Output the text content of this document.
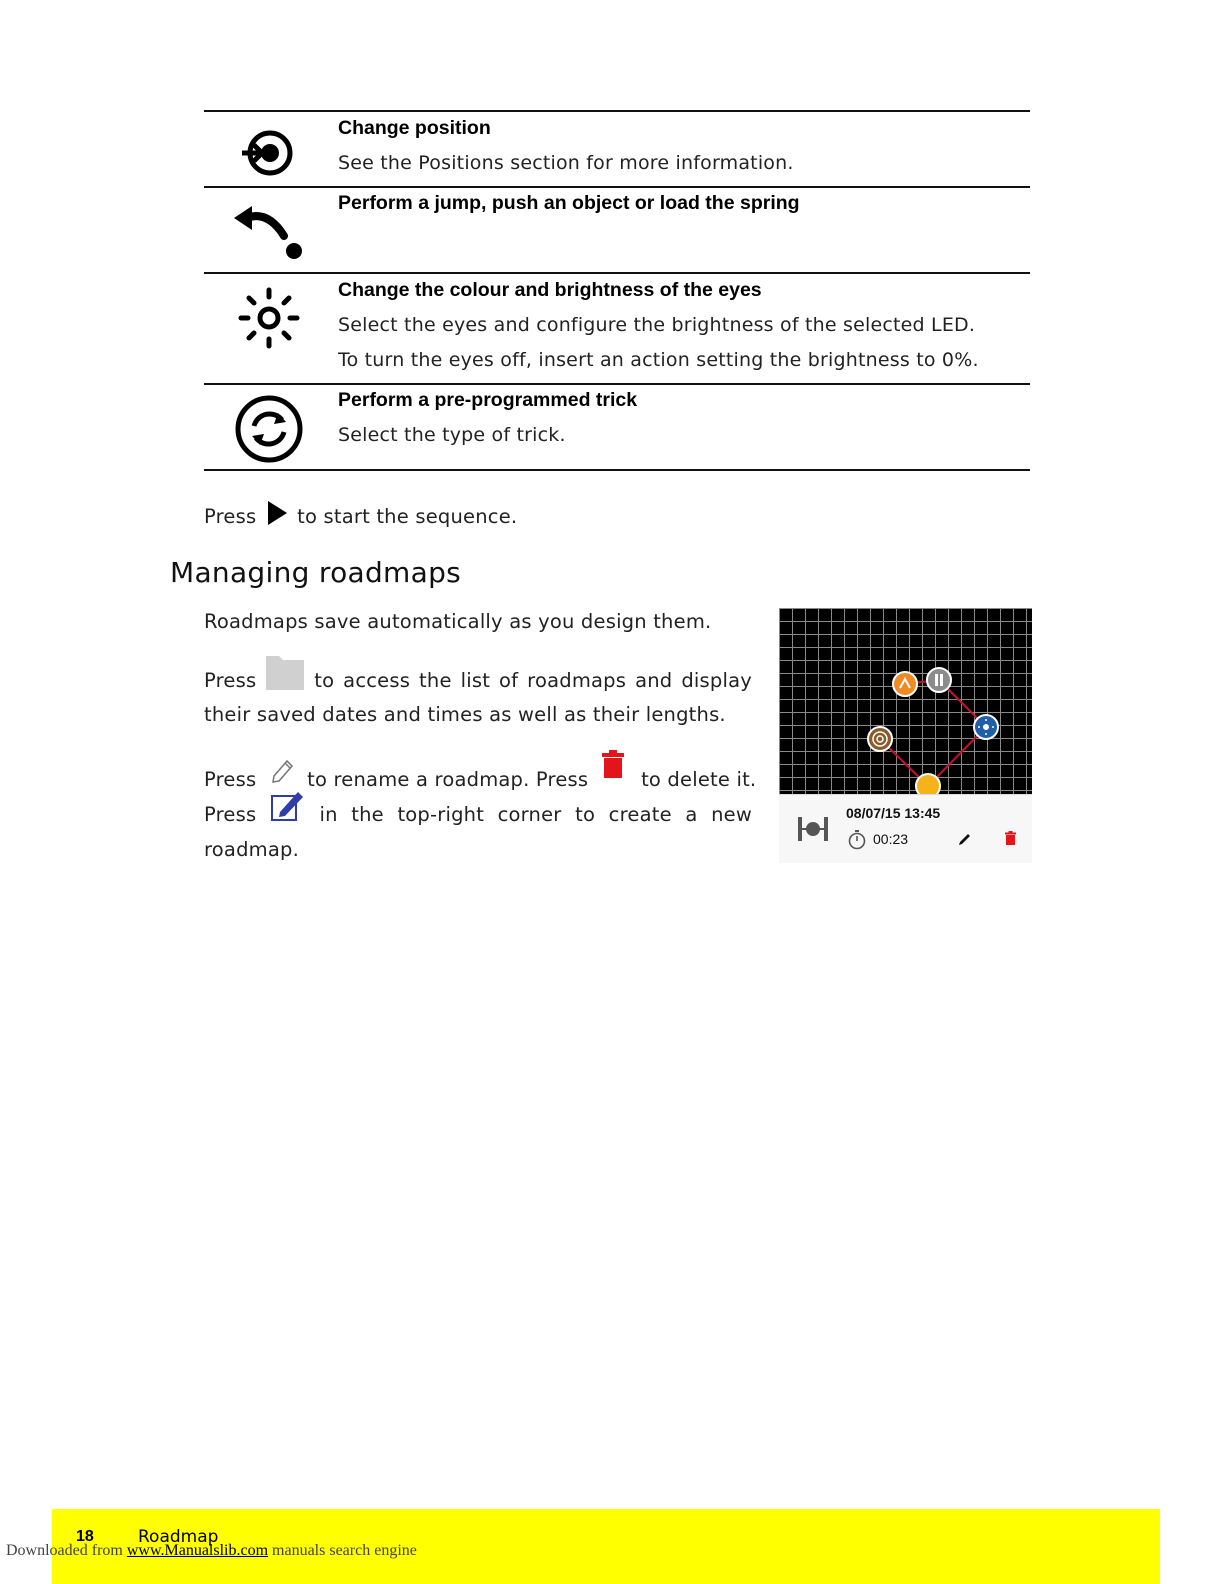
Change position
See the Positions section for more information.
Perform a jump, push an object or load the spring
Change the colour and brightness of the eyes
Select the eyes and configure the brightness of the selected LED.
To turn the eyes off, insert an action setting the brightness to 0%.
Perform a pre-programmed trick
Select the type of trick.
Press to start the sequence.
Managing roadmaps
Roadmaps save automatically as you design them.
Press	to access the list of roadmaps and display
their saved dates and times as well as their lengths.
Press	to rename a roadmap. Press	to delete it.
Press	in the top-right corner to create a new
roadmap.
08/07/15 13:45
00:23
18	Roadmap
Downloaded from www.Manualslib.com manuals search engine
